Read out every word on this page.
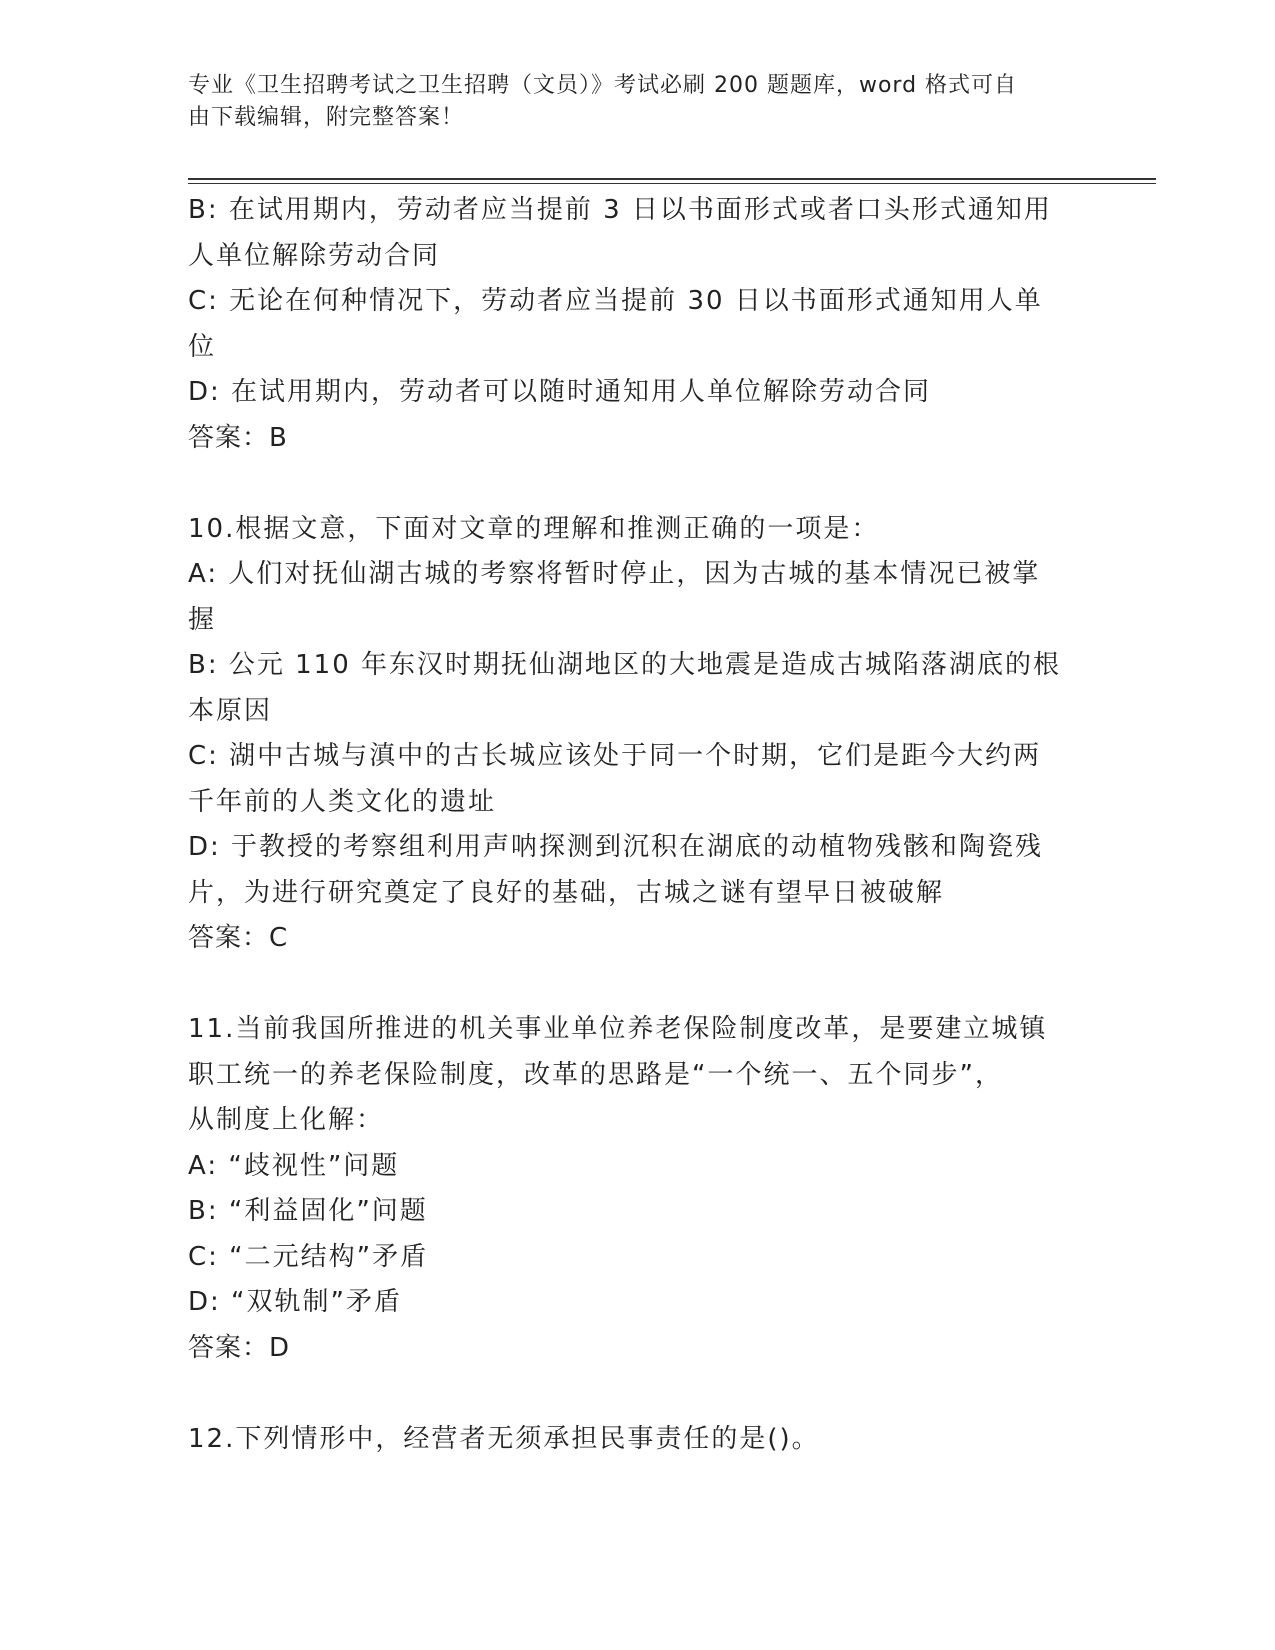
专业《卫生招聘考试之卫生招聘（文员）》考试必刷 200 题题库，word 格式可自
由下载编辑，附完整答案！
B: 在试用期内，劳动者应当提前 3 日以书面形式或者口头形式通知用
人单位解除劳动合同
C: 无论在何种情况下，劳动者应当提前 30 日以书面形式通知用人单
位
D: 在试用期内，劳动者可以随时通知用人单位解除劳动合同
答案：B
10.根据文意，下面对文章的理解和推测正确的一项是：
A: 人们对抚仙湖古城的考察将暂时停止，因为古城的基本情况已被掌
握
B: 公元 110 年东汉时期抚仙湖地区的大地震是造成古城陷落湖底的根
本原因
C: 湖中古城与滇中的古长城应该处于同一个时期，它们是距今大约两
千年前的人类文化的遗址
D: 于教授的考察组利用声呐探测到沉积在湖底的动植物残骸和陶瓷残
片，为进行研究奠定了良好的基础，古城之谜有望早日被破解
答案：C
11.当前我国所推进的机关事业单位养老保险制度改革，是要建立城镇
职工统一的养老保险制度，改革的思路是“一个统一、五个同步”，
从制度上化解：
A: “歧视性”问题
B: “利益固化”问题
C: “二元结构”矛盾
D: “双轨制”矛盾
答案：D
12.下列情形中，经营者无须承担民事责任的是()。
